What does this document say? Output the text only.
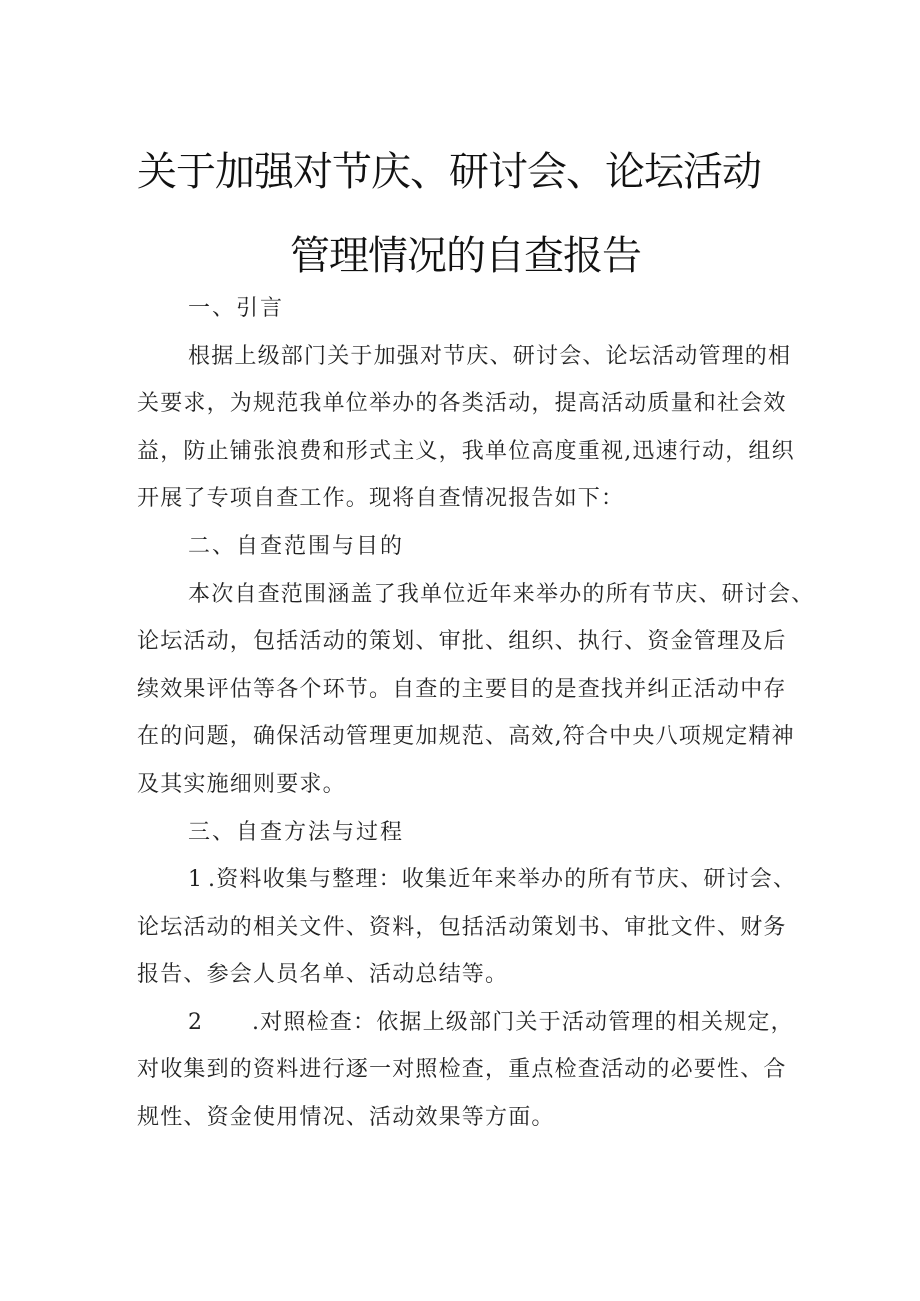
关于加强对节庆、研讨会、论坛活动
管理情况的自查报告

一、引言

根据上级部门关于加强对节庆、研讨会、论坛活动管理的相

关要求，为规范我单位举办的各类活动，提高活动质量和社会效

益，防止铺张浪费和形式主义，我单位高度重视,迅速行动，组织

开展了专项自查工作。现将自查情况报告如下：

二、自查范围与目的

本次自查范围涵盖了我单位近年来举办的所有节庆、研讨会、

论坛活动，包括活动的策划、审批、组织、执行、资金管理及后

续效果评估等各个环节。自查的主要目的是查找并纠正活动中存

在的问题，确保活动管理更加规范、高效,符合中央八项规定精神

及其实施细则要求。

三、自查方法与过程

1 .资料收集与整理：收集近年来举办的所有节庆、研讨会、

论坛活动的相关文件、资料，包括活动策划书、审批文件、财务

报告、参会人员名单、活动总结等。

2 .对照检查：依据上级部门关于活动管理的相关规定，

对收集到的资料进行逐一对照检查，重点检查活动的必要性、合

规性、资金使用情况、活动效果等方面。
